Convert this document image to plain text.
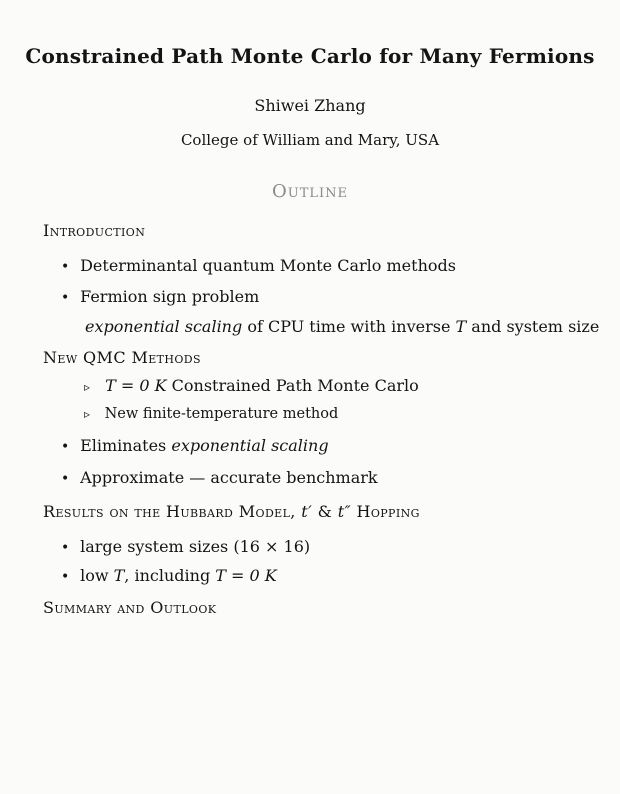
Constrained Path Monte Carlo for Many Fermions
Shiwei Zhang
College of William and Mary, USA
Outline
Introduction
• Determinantal quantum Monte Carlo methods
• Fermion sign problem
exponential scaling of CPU time with inverse T and system size
New QMC Methods
▹ T = 0 K Constrained Path Monte Carlo
▹ New finite-temperature method
• Eliminates exponential scaling
• Approximate — accurate benchmark
Results on the Hubbard Model, t′ & t″ Hopping
• large system sizes (16 × 16)
• low T, including T = 0 K
Summary and Outlook
